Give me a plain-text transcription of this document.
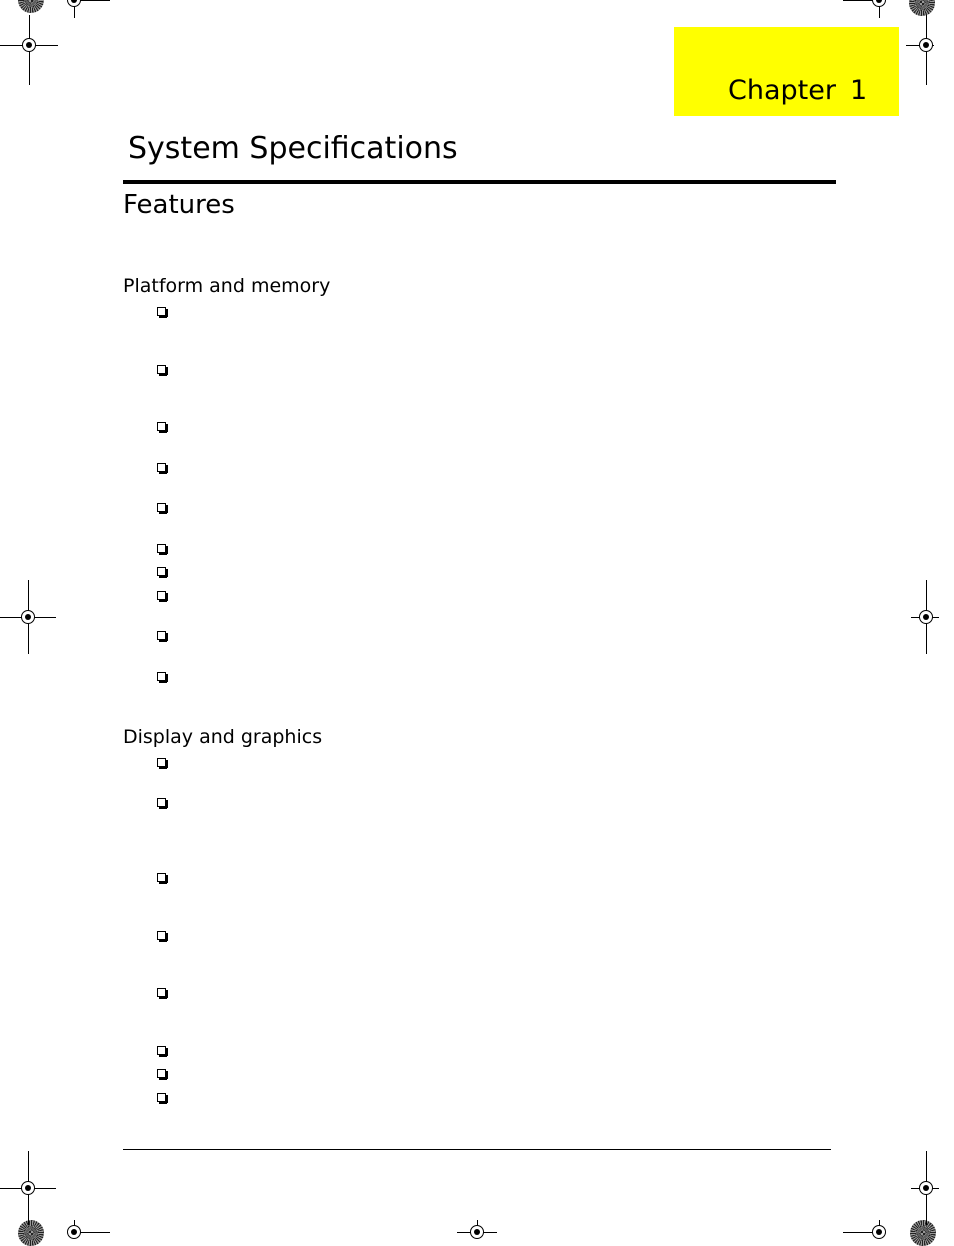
Chapter 1
System Specifications
Features
Platform and memory
Display and graphics
